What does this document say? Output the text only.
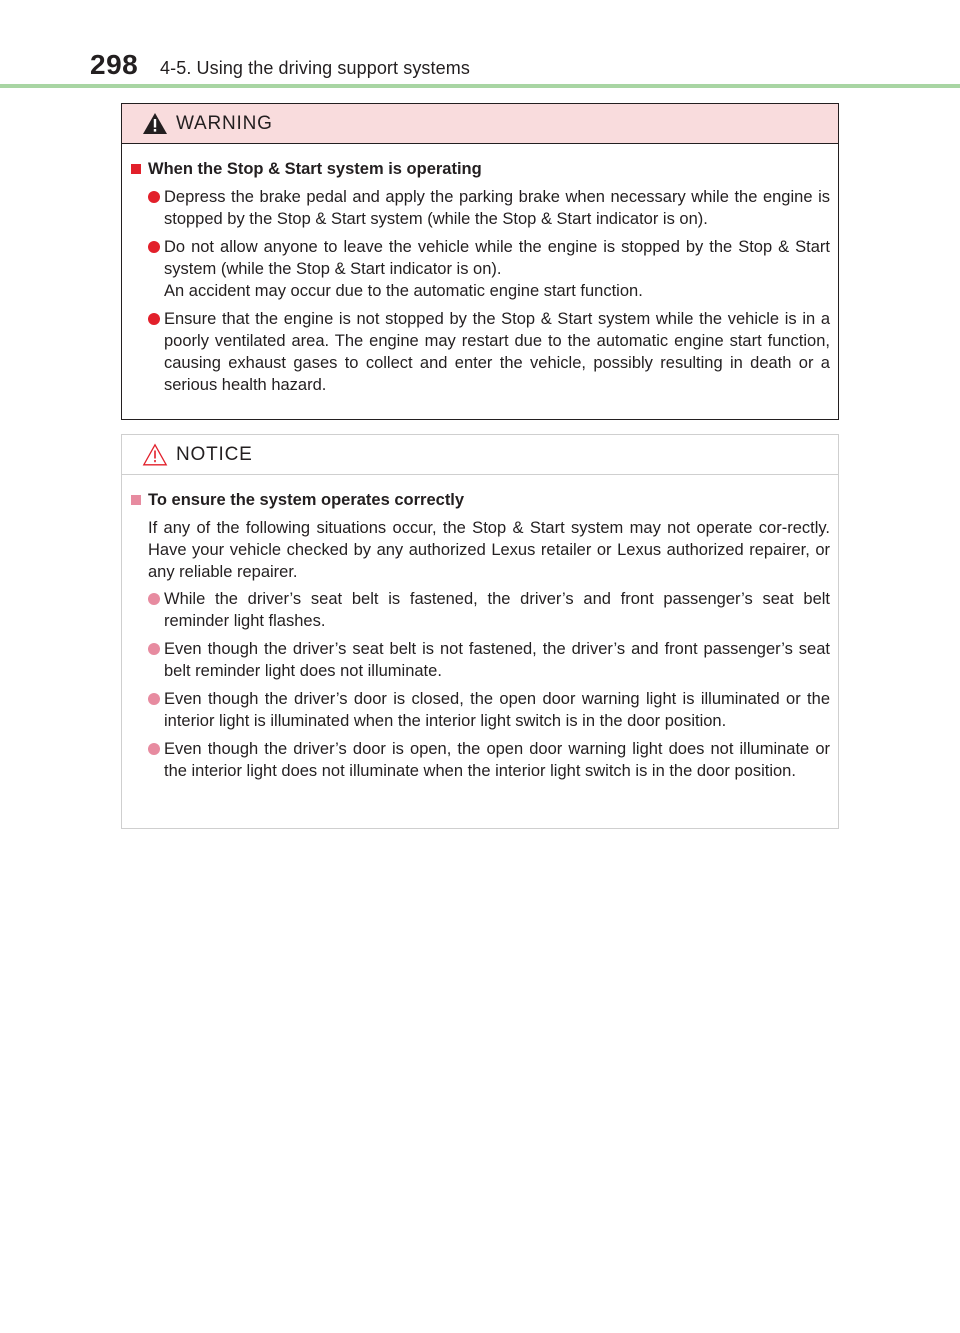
298 4-5. Using the driving support systems
WARNING
When the Stop & Start system is operating
Depress the brake pedal and apply the parking brake when necessary while the engine is stopped by the Stop & Start system (while the Stop & Start indicator is on).
Do not allow anyone to leave the vehicle while the engine is stopped by the Stop & Start system (while the Stop & Start indicator is on).
An accident may occur due to the automatic engine start function.
Ensure that the engine is not stopped by the Stop & Start system while the vehicle is in a poorly ventilated area. The engine may restart due to the automatic engine start function, causing exhaust gases to collect and enter the vehicle, possibly resulting in death or a serious health hazard.
NOTICE
To ensure the system operates correctly
If any of the following situations occur, the Stop & Start system may not operate cor-rectly. Have your vehicle checked by any authorized Lexus retailer or Lexus authorized repairer, or any reliable repairer.
While the driver’s seat belt is fastened, the driver’s and front passenger’s seat belt reminder light flashes.
Even though the driver’s seat belt is not fastened, the driver’s and front passenger’s seat belt reminder light does not illuminate.
Even though the driver’s door is closed, the open door warning light is illuminated or the interior light is illuminated when the interior light switch is in the door position.
Even though the driver’s door is open, the open door warning light does not illuminate or the interior light does not illuminate when the interior light switch is in the door position.
